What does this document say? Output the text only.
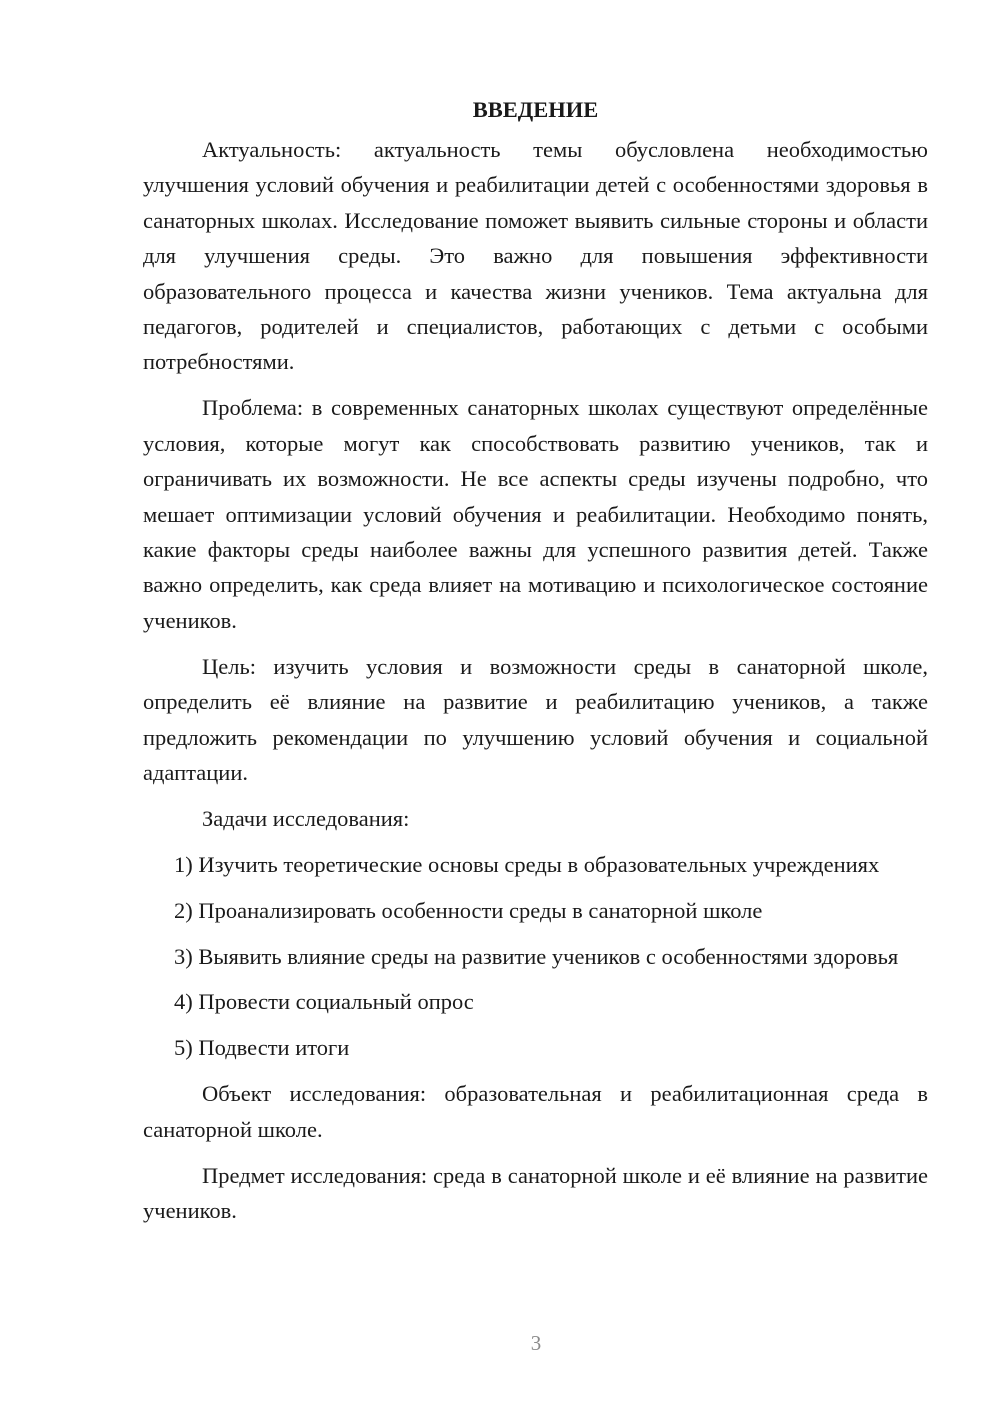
ВВЕДЕНИЕ

Актуальность: актуальность темы обусловлена необходимостью улучшения условий обучения и реабилитации детей с особенностями здоровья в санаторных школах. Исследование поможет выявить сильные стороны и области для улучшения среды. Это важно для повышения эффективности образовательного процесса и качества жизни учеников. Тема актуальна для педагогов, родителей и специалистов, работающих с детьми с особыми потребностями.

Проблема: в современных санаторных школах существуют определённые условия, которые могут как способствовать развитию учеников, так и ограничивать их возможности. Не все аспекты среды изучены подробно, что мешает оптимизации условий обучения и реабилитации. Необходимо понять, какие факторы среды наиболее важны для успешного развития детей. Также важно определить, как среда влияет на мотивацию и психологическое состояние учеников.

Цель: изучить условия и возможности среды в санаторной школе, определить её влияние на развитие и реабилитацию учеников, а также предложить рекомендации по улучшению условий обучения и социальной адаптации.

Задачи исследования:

1) Изучить теоретические основы среды в образовательных учреждениях

2) Проанализировать особенности среды в санаторной школе

3) Выявить влияние среды на развитие учеников с особенностями здоровья

4) Провести социальный опрос

5) Подвести итоги

Объект исследования: образовательная и реабилитационная среда в санаторной школе.

Предмет исследования: среда в санаторной школе и её влияние на развитие учеников.

3
